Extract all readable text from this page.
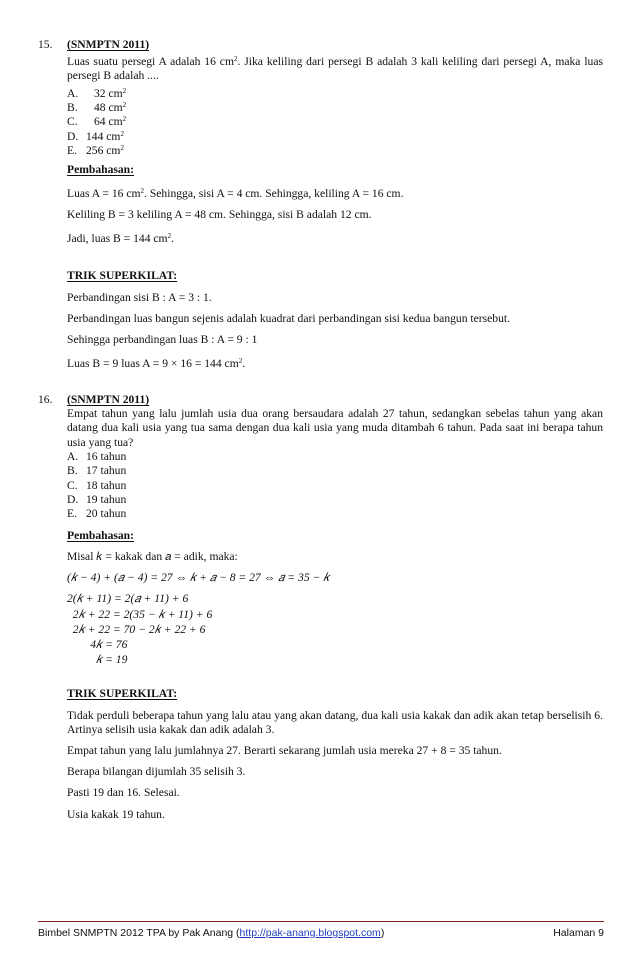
15. (SNMPTN 2011)
Luas suatu persegi A adalah 16 $cm^2$. Jika keliling dari persegi B adalah 3 kali keliling dari persegi A, maka luas persegi B adalah ....
A. 32 $cm^2$
B. 48 $cm^2$
C. 64 $cm^2$
D. 144 $cm^2$
E. 256 $cm^2$
Pembahasan:
Luas A = 16 $cm^2$. Sehingga, sisi A = 4 cm. Sehingga, keliling A = 16 cm.
Keliling B = 3 keliling A = 48 cm. Sehingga, sisi B adalah 12 cm.
Jadi, luas B = 144 $cm^2$.
TRIK SUPERKILAT:
Perbandingan sisi B : A = 3 : 1.
Perbandingan luas bangun sejenis adalah kuadrat dari perbandingan sisi kedua bangun tersebut.
Sehingga perbandingan luas B : A = 9 : 1
Luas B = 9 luas A = 9 × 16 = 144 $cm^2$.
16. (SNMPTN 2011)
Empat tahun yang lalu jumlah usia dua orang bersaudara adalah 27 tahun, sedangkan sebelas tahun yang akan datang dua kali usia yang tua sama dengan dua kali usia yang muda ditambah 6 tahun. Pada saat ini berapa tahun usia yang tua?
A. 16 tahun
B. 17 tahun
C. 18 tahun
D. 19 tahun
E. 20 tahun
Pembahasan:
Misal 𝑘 = kakak dan 𝑎 = adik, maka:
(𝑘 − 4) + (𝑎 − 4) = 27 ⇔ 𝑘 + 𝑎 − 8 = 27 ⇔ 𝑎 = 35 − 𝑘
2(𝑘 + 11) = 2(𝑎 + 11) + 6
2𝑘 + 22 = 2(35 − 𝑘 + 11) + 6
2𝑘 + 22 = 70 − 2𝑘 + 22 + 6
4𝑘 = 76
𝑘 = 19
TRIK SUPERKILAT:
Tidak perduli beberapa tahun yang lalu atau yang akan datang, dua kali usia kakak dan adik akan tetap berselisih 6. Artinya selisih usia kakak dan adik adalah 3.
Empat tahun yang lalu jumlahnya 27. Berarti sekarang jumlah usia mereka 27 + 8 = 35 tahun.
Berapa bilangan dijumlah 35 selisih 3.
Pasti 19 dan 16. Selesai.
Usia kakak 19 tahun.
Bimbel SNMPTN 2012 TPA by Pak Anang (http://pak-anang.blogspot.com)	Halaman 9
